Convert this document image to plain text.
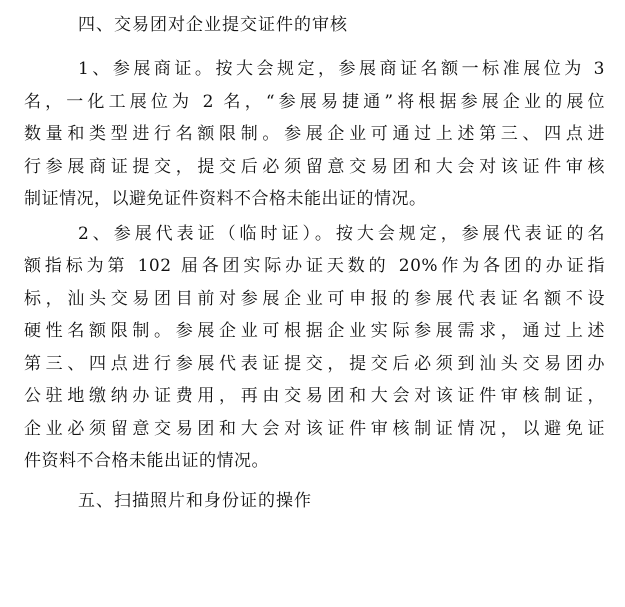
四、交易团对企业提交证件的审核
1、参展商证。按大会规定，参展商证名额一标准展位为 3
名，一化工展位为 2 名，“参展易捷通”将根据参展企业的展位
数量和类型进行名额限制。参展企业可通过上述第三、四点进
行参展商证提交，提交后必须留意交易团和大会对该证件审核
制证情况，以避免证件资料不合格未能出证的情况。
2、参展代表证（临时证）。按大会规定，参展代表证的名
额指标为第 102 届各团实际办证天数的 20%作为各团的办证指
标，汕头交易团目前对参展企业可申报的参展代表证名额不设
硬性名额限制。参展企业可根据企业实际参展需求，通过上述
第三、四点进行参展代表证提交，提交后必须到汕头交易团办
公驻地缴纳办证费用，再由交易团和大会对该证件审核制证，
企业必须留意交易团和大会对该证件审核制证情况，以避免证
件资料不合格未能出证的情况。
五、扫描照片和身份证的操作
